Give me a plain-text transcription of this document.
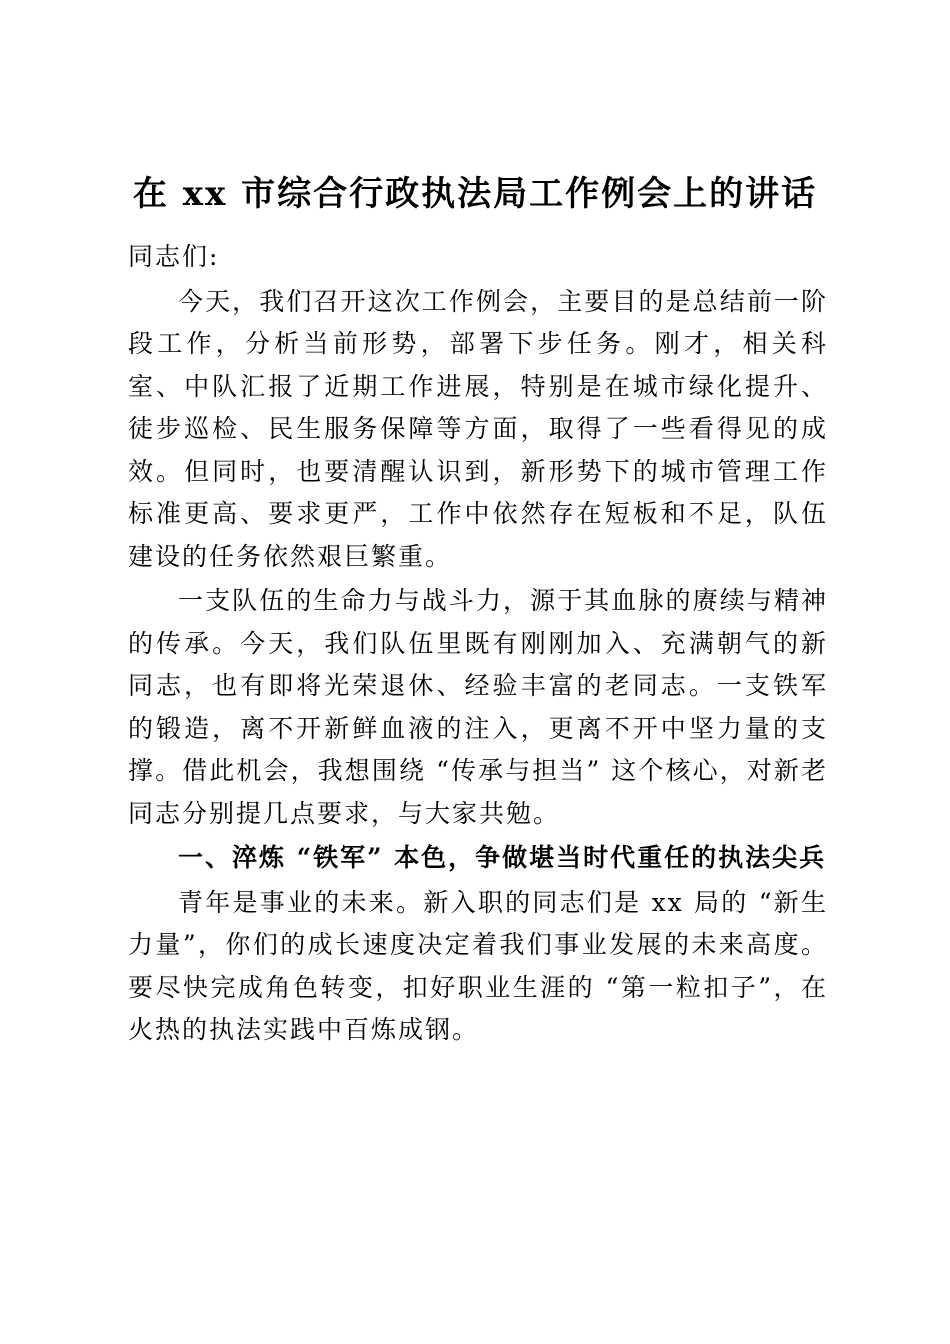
在 xx 市综合行政执法局工作例会上的讲话

同志们:

今天，我们召开这次工作例会，主要目的是总结前一阶段工作，分析当前形势，部署下步任务。刚才，相关科室、中队汇报了近期工作进展，特别是在城市绿化提升、徒步巡检、民生服务保障等方面，取得了一些看得见的成效。但同时，也要清醒认识到，新形势下的城市管理工作标准更高、要求更严，工作中依然存在短板和不足，队伍建设的任务依然艰巨繁重。

一支队伍的生命力与战斗力，源于其血脉的赓续与精神的传承。今天，我们队伍里既有刚刚加入、充满朝气的新同志，也有即将光荣退休、经验丰富的老同志。一支铁军的锻造，离不开新鲜血液的注入，更离不开中坚力量的支撑。借此机会，我想围绕 “传承与担当” 这个核心，对新老同志分别提几点要求，与大家共勉。

一、淬炼 “铁军” 本色，争做堪当时代重任的执法尖兵

青年是事业的未来。新入职的同志们是 xx 局的 “新生力量”，你们的成长速度决定着我们事业发展的未来高度。要尽快完成角色转变，扣好职业生涯的 “第一粒扣子”，在火热的执法实践中百炼成钢。
